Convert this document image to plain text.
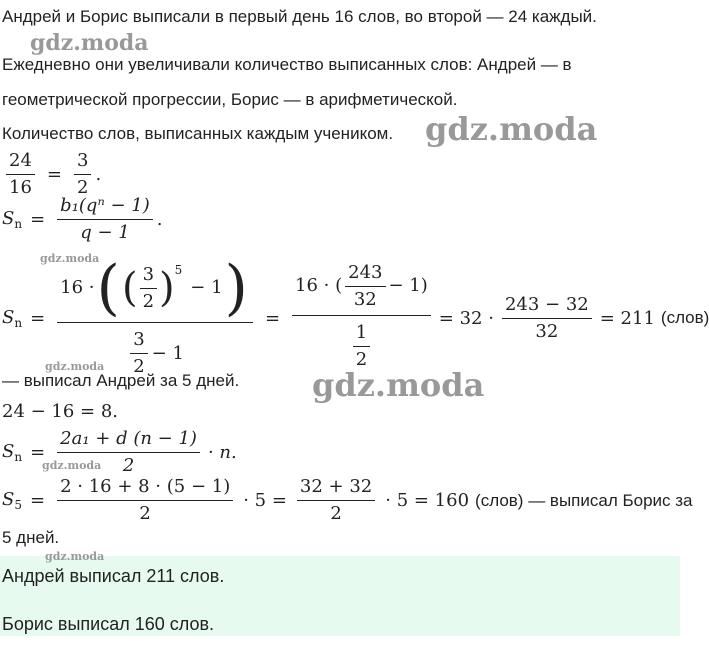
Андрей и Борис выписали в первый день 16 слов, во второй — 24 каждый.
gdz.moda
Ежедневно они увеличивали количество выписанных слов: Андрей — в
геометрической прогрессии, Борис — в арифметической.
Количество слов, выписанных каждым учеником. gdz.moda
$\frac{24}{16} = \frac{3}{2}$ .
$S_n = \frac{\text{b₁(qⁿ − 1)}}{q - 1}$ .
gdz.moda
$S_n$ =
16 · ( ( $\frac{3}{2}$ ) 5
− 1 )
$\frac{3}{2} - 1$
= $\frac{16 \cdot ( \frac{243}{32} - 1)}{\frac{1}{2}} = 32 \cdot \frac{243 - 32}{32} = 211$ (слов)
gdz.moda
— выписал Андрей за 5 дней. gdz.moda
24 − 16 = 8.
$S_n = \frac{\text{2a₁ + d (n − 1)}}{2} \cdot n$.
gdz.moda
$S_5 = \frac{2 \cdot 16 + 8 \cdot (5 - 1)}{2} \cdot 5 = \frac{32 + 32}{2} \cdot 5 = 160$ (слов) — выписал Борис за
5 дней.
gdz.moda
Андрей выписал 211 слов.
Борис выписал 160 слов.
